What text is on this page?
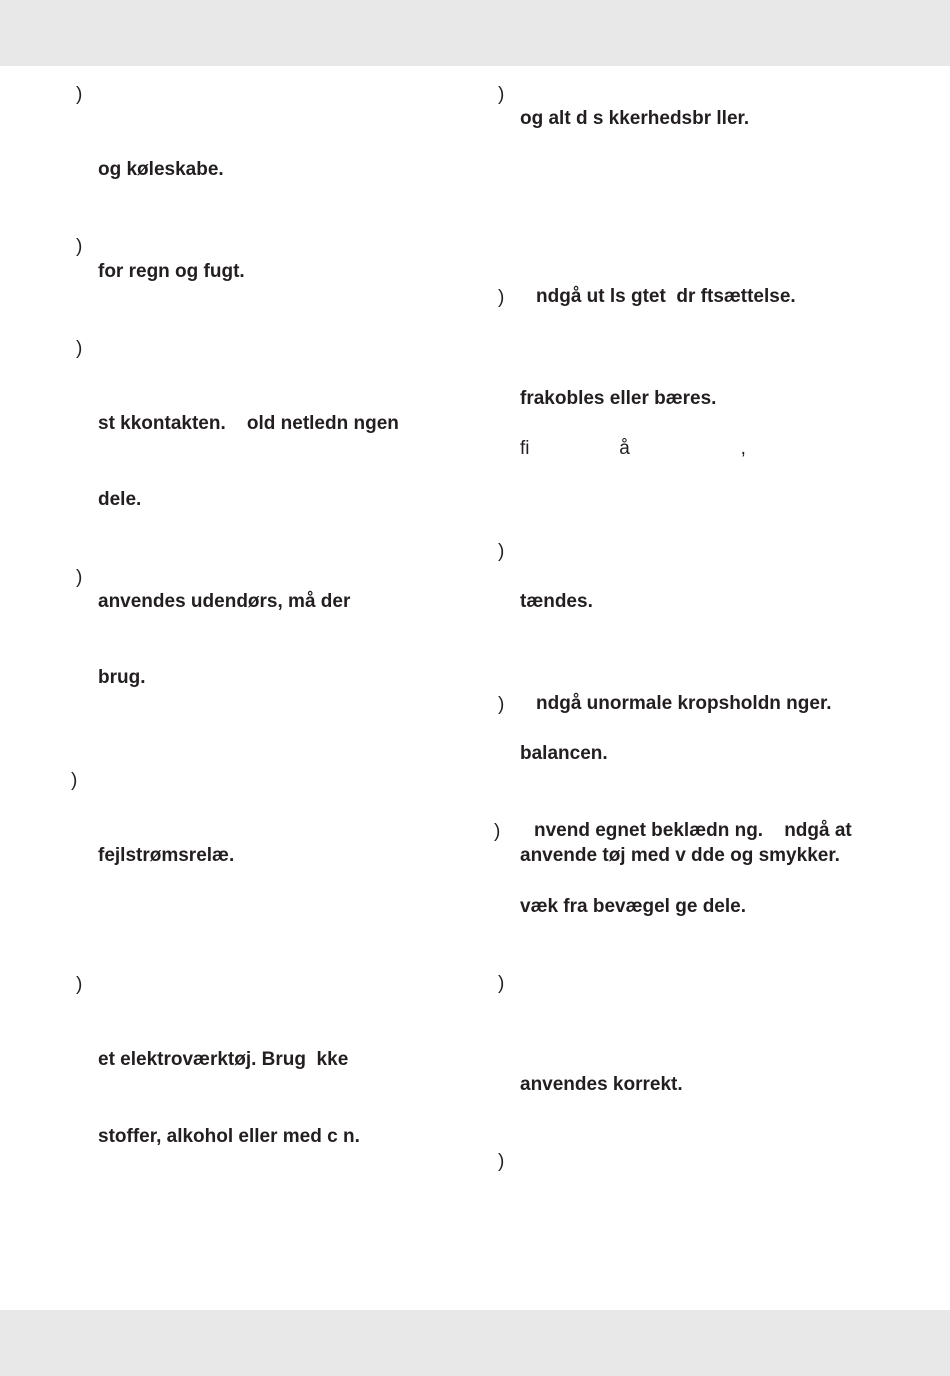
)
og køleskabe.
)
for regn og fugt.
)
st kkontakten.    old netledn ngen
dele.
)
anvendes udendørs, må der
brug.
)
fejlstrømsrelæ.
)
et elektroværktøj. Brug  kke
stoffer, alkohol eller med c n.
)
og alt d s kkerhedsbr ller.
) ndgå ut ls gtet  dr ftsættelse.
frakobles eller bæres.
fi                 å                     ,
)
tændes.
) ndgå unormale kropsholdn nger.
balancen.
) nvend egnet beklædn ng.    ndgå at
anvende tøj med v dde og smykker.
væk fra bevægel ge dele.
)
anvendes korrekt.
)
